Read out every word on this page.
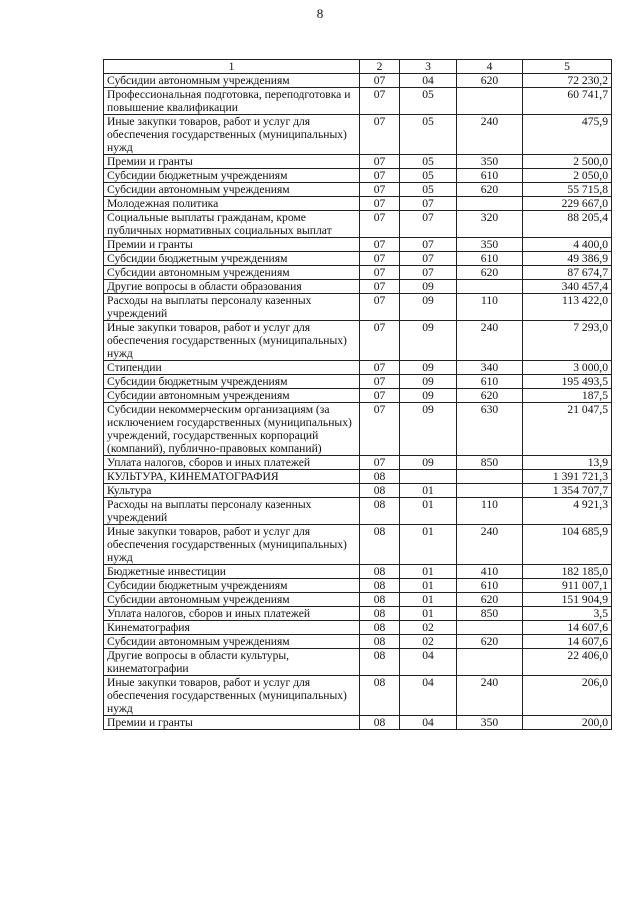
8
1	2	3	4	5
Субсидии автономным учреждениям	07	04	620	72 230,2
Профессиональная подготовка, переподготовка и повышение квалификации	07	05		60 741,7
Иные закупки товаров, работ и услуг для обеспечения государственных (муниципальных) нужд	07	05	240	475,9
Премии и гранты	07	05	350	2 500,0
Субсидии бюджетным учреждениям	07	05	610	2 050,0
Субсидии автономным учреждениям	07	05	620	55 715,8
Молодежная политика	07	07		229 667,0
Социальные выплаты гражданам, кроме публичных нормативных социальных выплат	07	07	320	88 205,4
Премии и гранты	07	07	350	4 400,0
Субсидии бюджетным учреждениям	07	07	610	49 386,9
Субсидии автономным учреждениям	07	07	620	87 674,7
Другие вопросы в области образования	07	09		340 457,4
Расходы на выплаты персоналу казенных учреждений	07	09	110	113 422,0
Иные закупки товаров, работ и услуг для обеспечения государственных (муниципальных) нужд	07	09	240	7 293,0
Стипендии	07	09	340	3 000,0
Субсидии бюджетным учреждениям	07	09	610	195 493,5
Субсидии автономным учреждениям	07	09	620	187,5
Субсидии некоммерческим организациям (за исключением государственных (муниципальных) учреждений, государственных корпораций (компаний), публично-правовых компаний)	07	09	630	21 047,5
Уплата налогов, сборов и иных платежей	07	09	850	13,9
КУЛЬТУРА, КИНЕМАТОГРАФИЯ	08			1 391 721,3
Культура	08	01		1 354 707,7
Расходы на выплаты персоналу казенных учреждений	08	01	110	4 921,3
Иные закупки товаров, работ и услуг для обеспечения государственных (муниципальных) нужд	08	01	240	104 685,9
Бюджетные инвестиции	08	01	410	182 185,0
Субсидии бюджетным учреждениям	08	01	610	911 007,1
Субсидии автономным учреждениям	08	01	620	151 904,9
Уплата налогов, сборов и иных платежей	08	01	850	3,5
Кинематография	08	02		14 607,6
Субсидии автономным учреждениям	08	02	620	14 607,6
Другие вопросы в области культуры, кинематографии	08	04		22 406,0
Иные закупки товаров, работ и услуг для обеспечения государственных (муниципальных) нужд	08	04	240	206,0
Премии и гранты	08	04	350	200,0
